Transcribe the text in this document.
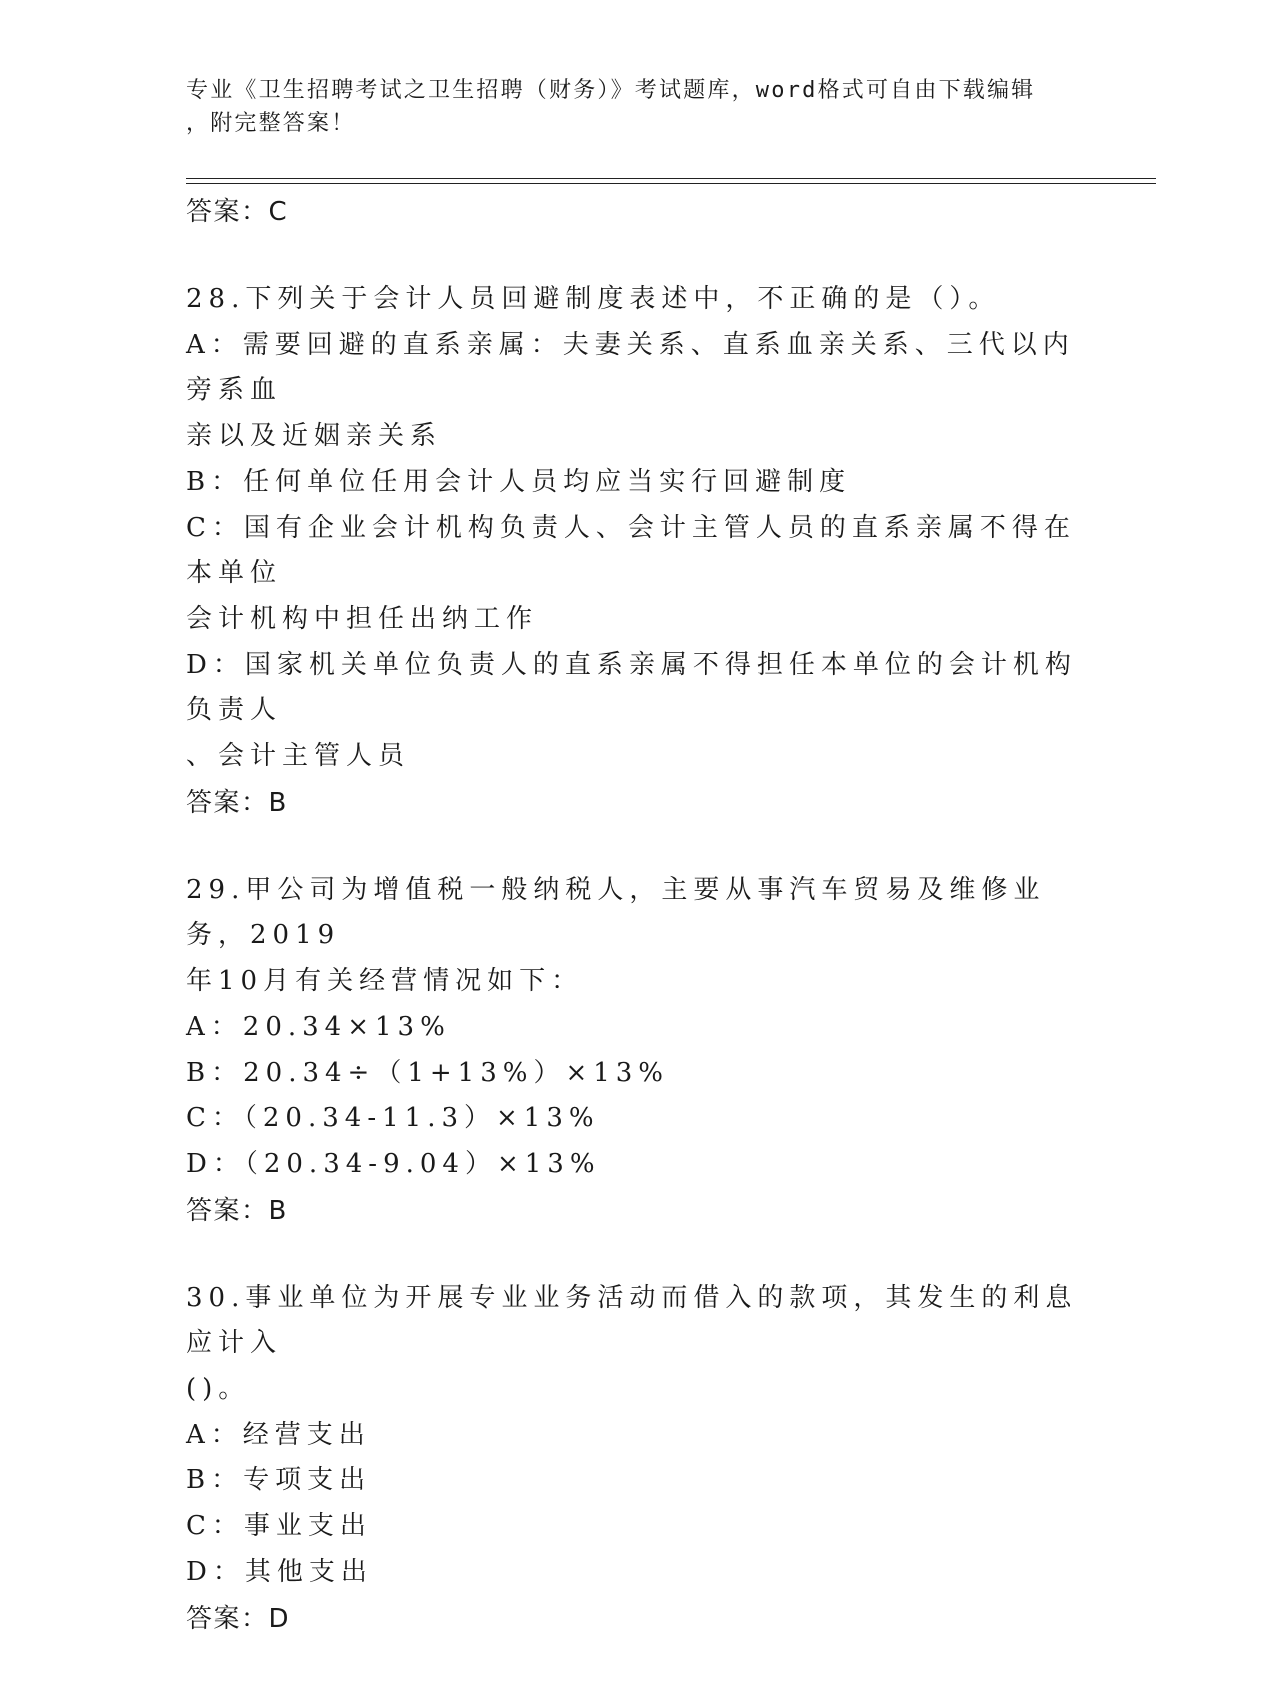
专业《卫生招聘考试之卫生招聘（财务）》考试题库，word格式可自由下载编辑
，附完整答案！

答案：C

28.下列关于会计人员回避制度表述中，不正确的是（）。

A：需要回避的直系亲属：夫妻关系、直系血亲关系、三代以内旁系血

亲以及近姻亲关系

B：任何单位任用会计人员均应当实行回避制度

C：国有企业会计机构负责人、会计主管人员的直系亲属不得在本单位

会计机构中担任出纳工作

D：国家机关单位负责人的直系亲属不得担任本单位的会计机构负责人

、会计主管人员

答案：B

29.甲公司为增值税一般纳税人，主要从事汽车贸易及维修业务，2019

年10月有关经营情况如下：

A：20.34×13%

B：20.34÷（1+13%）×13%

C：（20.34-11.3）×13%

D：（20.34-9.04）×13%

答案：B

30.事业单位为开展专业业务活动而借入的款项，其发生的利息应计入

()。

A：经营支出

B：专项支出

C：事业支出

D：其他支出

答案：D
